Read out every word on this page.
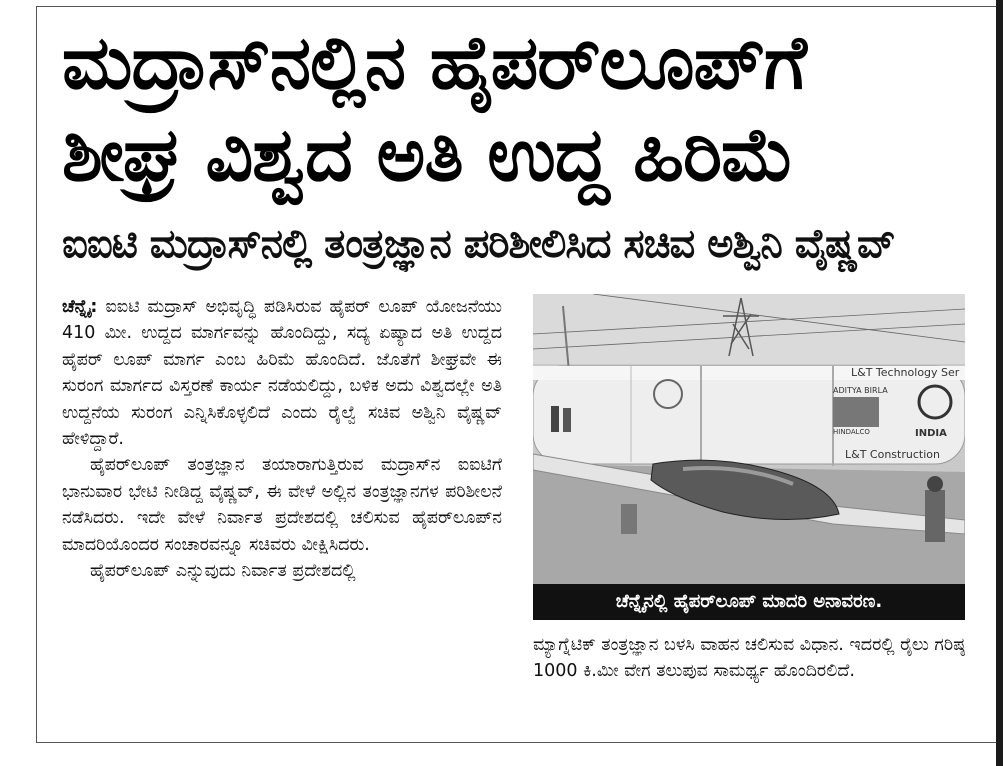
ಮದ್ರಾಸ್‌ನಲ್ಲಿನ ಹೈಪರ್‌ಲೂಪ್‌ಗೆ
ಶೀಘ್ರ ವಿಶ್ವದ ಅತಿ ಉದ್ದ ಹಿರಿಮೆ
ಐಐಟಿ ಮದ್ರಾಸ್‌ನಲ್ಲಿ ತಂತ್ರಜ್ಞಾನ ಪರಿಶೀಲಿಸಿದ ಸಚಿವ ಅಶ್ವಿನಿ ವೈಷ್ಣವ್

ಚೆನ್ನೈ: ಐಐಟಿ ಮದ್ರಾಸ್ ಅಭಿವೃದ್ಧಿ ಪಡಿಸಿರುವ ಹೈಪರ್ ಲೂಪ್ ಯೋಜನೆಯು 410 ಮೀ. ಉದ್ದದ ಮಾರ್ಗವನ್ನು ಹೊಂದಿದ್ದು, ಸದ್ಯ ಏಷ್ಯಾದ ಅತಿ ಉದ್ದದ ಹೈಪರ್ ಲೂಪ್ ಮಾರ್ಗ ಎಂಬ ಹಿರಿಮೆ ಹೊಂದಿದೆ. ಜೊತೆಗೆ ಶೀಘ್ರವೇ ಈ ಸುರಂಗ ಮಾರ್ಗದ ವಿಸ್ತರಣೆ ಕಾರ್ಯ ನಡೆಯಲಿದ್ದು, ಬಳಿಕ ಅದು ವಿಶ್ವದಲ್ಲೇ ಅತಿ ಉದ್ದನೆಯ ಸುರಂಗ ಎನ್ನಿಸಿಕೊಳ್ಳಲಿದೆ ಎಂದು ರೈಲ್ವೆ ಸಚಿವ ಅಶ್ವಿನಿ ವೈಷ್ಣವ್ ಹೇಳಿದ್ದಾರೆ.

ಹೈಪರ್‌ಲೂಪ್ ತಂತ್ರಜ್ಞಾನ ತಯಾರಾಗುತ್ತಿರುವ ಮದ್ರಾಸ್‌ನ ಐಐಟಿಗೆ ಭಾನುವಾರ ಭೇಟಿ ನೀಡಿದ್ದ ವೈಷ್ಣವ್, ಈ ವೇಳೆ ಅಲ್ಲಿನ ತಂತ್ರಜ್ಞಾನಗಳ ಪರಿಶೀಲನೆ ನಡೆಸಿದರು. ಇದೇ ವೇಳೆ ನಿರ್ವಾತ ಪ್ರದೇಶದಲ್ಲಿ ಚಲಿಸುವ ಹೈಪರ್‌ಲೂಪ್‌ನ ಮಾದರಿಯೊಂದರ ಸಂಚಾರವನ್ನೂ ಸಚಿವರು ವೀಕ್ಷಿಸಿದರು.

ಹೈಪರ್‌ಲೂಪ್ ಎನ್ನುವುದು ನಿರ್ವಾತ ಪ್ರದೇಶದಲ್ಲಿ

L&T Technology Ser
ADITYA BIRLA
HINDALCO	INDIA
L&T Construction
ಚೆನ್ನೈನಲ್ಲಿ ಹೈಪರ್‌ಲೂಪ್ ಮಾದರಿ ಅನಾವರಣ.

ಮ್ಯಾಗ್ನೆಟಿಕ್ ತಂತ್ರಜ್ಞಾನ ಬಳಸಿ ವಾಹನ ಚಲಿಸುವ ವಿಧಾನ. ಇದರಲ್ಲಿ ರೈಲು ಗರಿಷ್ಠ 1000 ಕಿ.ಮೀ ವೇಗ ತಲುಪುವ ಸಾಮರ್ಥ್ಯ ಹೊಂದಿರಲಿದೆ.
